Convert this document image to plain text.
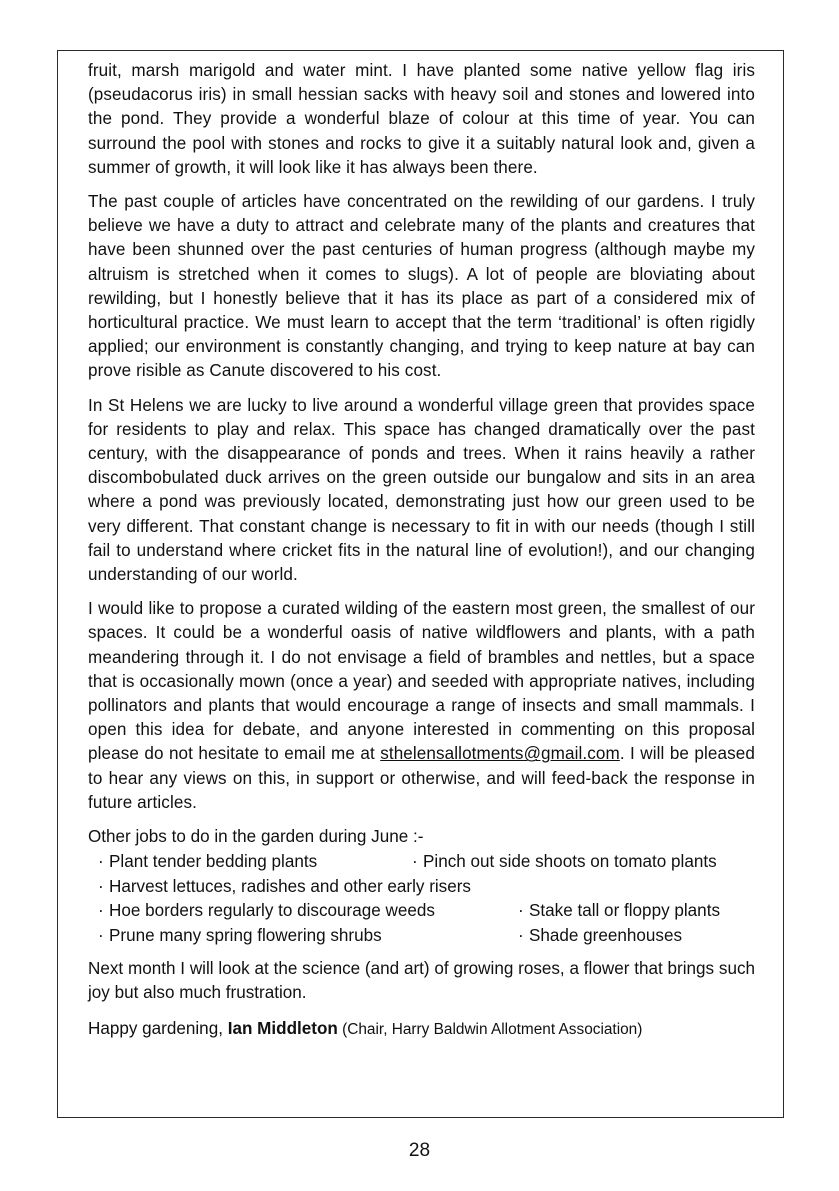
fruit, marsh marigold and water mint. I have planted some native yellow flag iris (pseudacorus iris) in small hessian sacks with heavy soil and stones and lowered into the pond. They provide a wonderful blaze of colour at this time of year. You can surround the pool with stones and rocks to give it a suitably natural look and, given a summer of growth, it will look like it has always been there.

The past couple of articles have concentrated on the rewilding of our gardens. I truly believe we have a duty to attract and celebrate many of the plants and creatures that have been shunned over the past centuries of human progress (although maybe my altruism is stretched when it comes to slugs). A lot of people are bloviating about rewilding, but I honestly believe that it has its place as part of a considered mix of horticultural practice. We must learn to accept that the term ‘traditional’ is often rigidly applied; our environment is constantly changing, and trying to keep nature at bay can prove risible as Canute discovered to his cost.

In St Helens we are lucky to live around a wonderful village green that provides space for residents to play and relax. This space has changed dramatically over the past century, with the disappearance of ponds and trees. When it rains heavily a rather discombobulated duck arrives on the green outside our bungalow and sits in an area where a pond was previously located, demonstrating just how our green used to be very different. That constant change is necessary to fit in with our needs (though I still fail to understand where cricket fits in the natural line of evolution!), and our changing understanding of our world.

I would like to propose a curated wilding of the eastern most green, the smallest of our spaces. It could be a wonderful oasis of native wildflowers and plants, with a path meandering through it. I do not envisage a field of brambles and nettles, but a space that is occasionally mown (once a year) and seeded with appropriate natives, including pollinators and plants that would encourage a range of insects and small mammals. I open this idea for debate, and anyone interested in commenting on this proposal please do not hesitate to email me at sthelensallotments@gmail.com. I will be pleased to hear any views on this, in support or otherwise, and will feed-back the response in future articles.

Other jobs to do in the garden during June :-

· Plant tender bedding plants	· Pinch out side shoots on tomato plants
· Harvest lettuces, radishes and other early risers
· Hoe borders regularly to discourage weeds	· Stake tall or floppy plants
· Prune many spring flowering shrubs	· Shade greenhouses

Next month I will look at the science (and art) of growing roses, a flower that brings such joy but also much frustration.

Happy gardening, Ian Middleton (Chair, Harry Baldwin Allotment Association)

28
